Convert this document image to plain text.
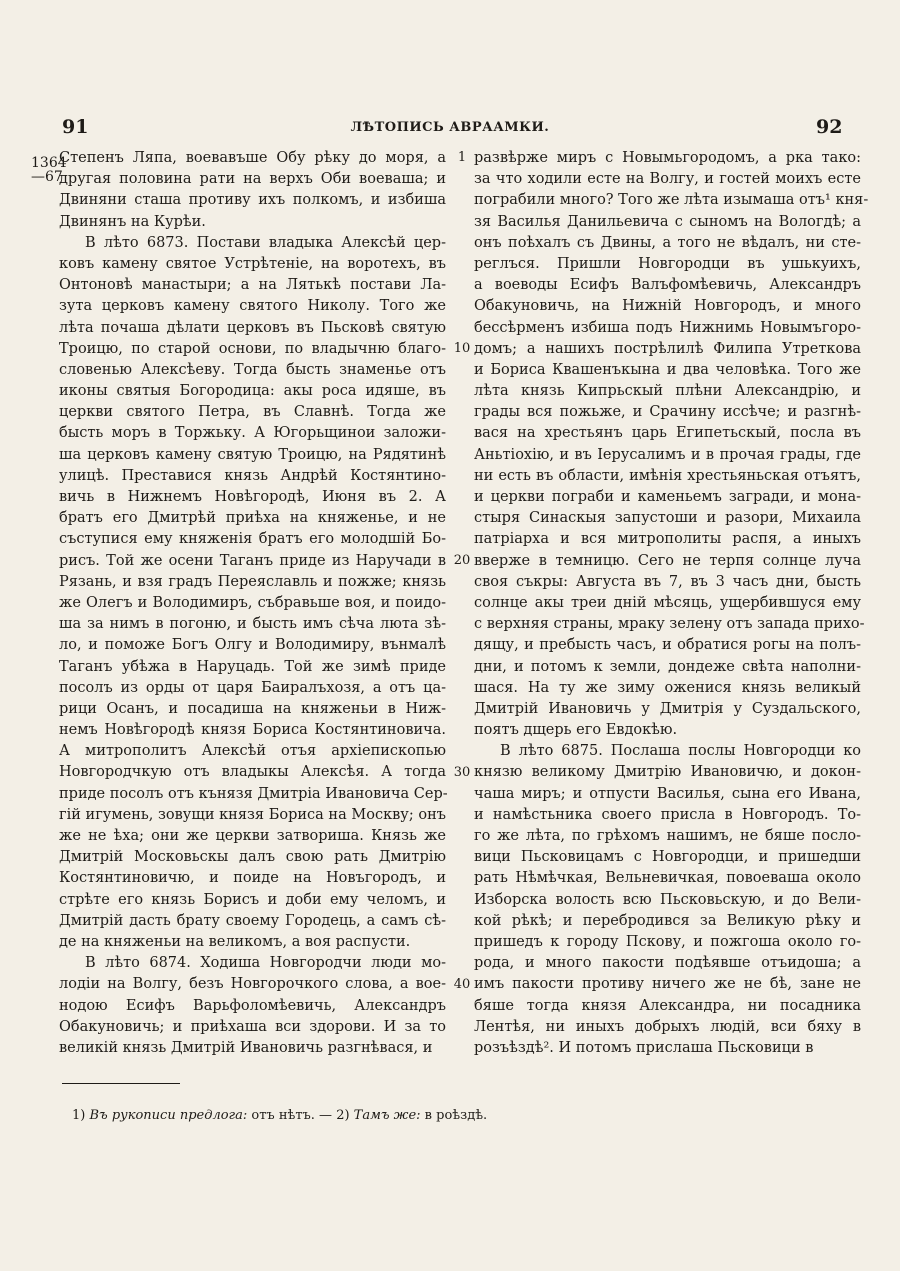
91	ЛѢТОПИСЬ АВРААМКИ.	92
1364
—67
Степенъ Ляпа, воевавъше Обу рѣку до моря, а
другая половина рати на верхъ Оби воеваша; и
Двиняни сташа противу ихъ полкомъ, и избиша
Двинянъ на Курѣи.
В лѣто 6873. Постави владыка Алексѣй цер-
ковъ камену святое Устрѣтеніе, на воротехъ, въ
Онтоновѣ манастыри; а на Лятькѣ постави Ла-
зута церковъ камену святого Николу. Того же
лѣта почаша дѣлати церковъ въ Пьсковѣ святую
Троицю, по старой основи, по владычню благо-
словенью Алексѣеву. Тогда бысть знаменье отъ
иконы святыя Богородица: акы роса идяше, въ
церкви святого Петра, въ Славнѣ. Тогда же
бысть моръ в Торжьку. А Югорьщинои заложи-
ша церковъ камену святую Троицю, на Рядятинѣ
улицѣ. Преставися князь Андрѣй Костянтино-
вичь в Нижнемъ Новѣгородѣ, Июня въ 2. А
братъ его Дмитрѣй приѣха на княженье, и не
съступися ему княженія братъ его молодшій Бо-
рисъ. Той же осени Таганъ приде из Наручади в
Рязань, и взя градъ Переяславль и пожже; князь
же Олегъ и Володимиръ, събравьше воя, и поидо-
ша за нимъ в погоню, и бысть имъ сѣча люта зѣ-
ло, и поможе Богъ Олгу и Володимиру, вънмалѣ
Таганъ убѣжа в Наруцадь. Той же зимѣ приде
посолъ из орды от царя Баиралъхозя, а отъ ца-
рици Осанъ, и посадиша на княженьи в Ниж-
немъ Новѣгородѣ князя Бориса Костянтиновича.
А митрополитъ Алексѣй отъя архіепископью
Новгородчкую отъ владыкы Алексѣя. А тогда
приде посолъ отъ кънязя Дмитріа Ивановича Сер-
гій игумень, зовущи князя Бориса на Москву; онъ
же не ѣха; они же церкви затвориша. Князь же
Дмитрій Московьскы далъ свою рать Дмитрію
Костянтиновичю, и поиде на Новъгородъ, и
стрѣте его князь Борисъ и доби ему челомъ, и
Дмитрій дасть брату своему Городець, а самъ сѣ-
де на княженьи на великомъ, а воя распусти.
В лѣто 6874. Ходиша Новгородчи люди мо-
лодіи на Волгу, безъ Новгорочкого слова, а вое-
нодою Есифъ Варьфоломѣевичь, Александръ
Обакуновичь; и приѣхаша вси здорови. И за то
великій князь Дмитрій Ивановичь разгнѣвася, и
1
10
20
30
40
развѣржe миръ с Новымьгородомъ, а рка тако:
за что ходили есте на Волгу, и гостей моихъ есте
пограбили много? Того же лѣта изымаша отъ¹ кня-
зя Василья Данильевича с сыномъ на Вологдѣ; а
онъ поѣхалъ съ Двины, а того не вѣдалъ, ни сте-
реглъся. Пришли Новгородци въ ушькуихъ,
а воеводы Есифъ Валъфомѣевичь, Александръ
Обакуновичь, на Нижній Новгородъ, и много
бессѣрменъ избиша подъ Нижнимь Новымъгоро-
домъ; а нашихъ пострѣлилѣ Филипа Утреткова
и Бориса Квашенъкына и два человѣка. Того же
лѣта князь Кипрьскый плѣни Александрію, и
грады вся пожьже, и Срачину иссѣче; и разгнѣ-
вася на хрестьянъ царь Египетьскый, посла въ
Аньтіохію, и въ Іерусалимъ и в прочая грады, где
ни есть въ области, имѣнія хрестьяньская отъятъ,
и церкви пограби и каменьемъ загради, и мона-
стыря Синаскыя запустоши и разори, Михаила
патріархa и вся митрополиты распя, а иныхъ
ввержe в темницю. Сего не терпя солнце луча
своя съкры: Августа въ 7, въ 3 часъ дни, бысть
солнце акы треи дній мѣсяць, ущербившуся ему
с верхняя страны, мраку зелену отъ запада прихо-
дящу, и пребысть часъ, и обратися рогы на полъ-
дни, и потомъ к земли, дондеже свѣта наполни-
шася. На ту же зиму оженися князь великый
Дмитрій Ивановичь у Дмитрія у Суздальского,
поятъ дщерь его Евдокѣю.
В лѣто 6875. Послаша послы Новгородци ко
князю великому Дмитрію Ивановичю, и докон-
чаша миръ; и отпусти Василья, сына его Ивана,
и намѣстьника своего присла в Новгородъ. То-
го же лѣта, по грѣхомъ нашимъ, не бяше посло-
вици Пьсковицамъ с Новгородци, и пришедши
рать Нѣмѣчкая, Вельневичкая, повоеваша около
Изборска волость всю Пьсковьскую, и до Вели-
кой рѣкѣ; и перебродився за Великую рѣку и
пришедъ к городу Пскову, и пожгоша около го-
рода, и много пакости подѣявше отъидоша; а
имъ пакости противу ничего же не бѣ, зане не
бяше тогда князя Александра, ни посадника
Лентѣя, ни иныхъ добрыхъ людій, вси бяху в
розъѣздѣ². И потомъ прислаша Пьсковици в
1) Въ рукописи предлога: отъ нѣтъ. — 2) Тамъ же: в роѣздѣ.
